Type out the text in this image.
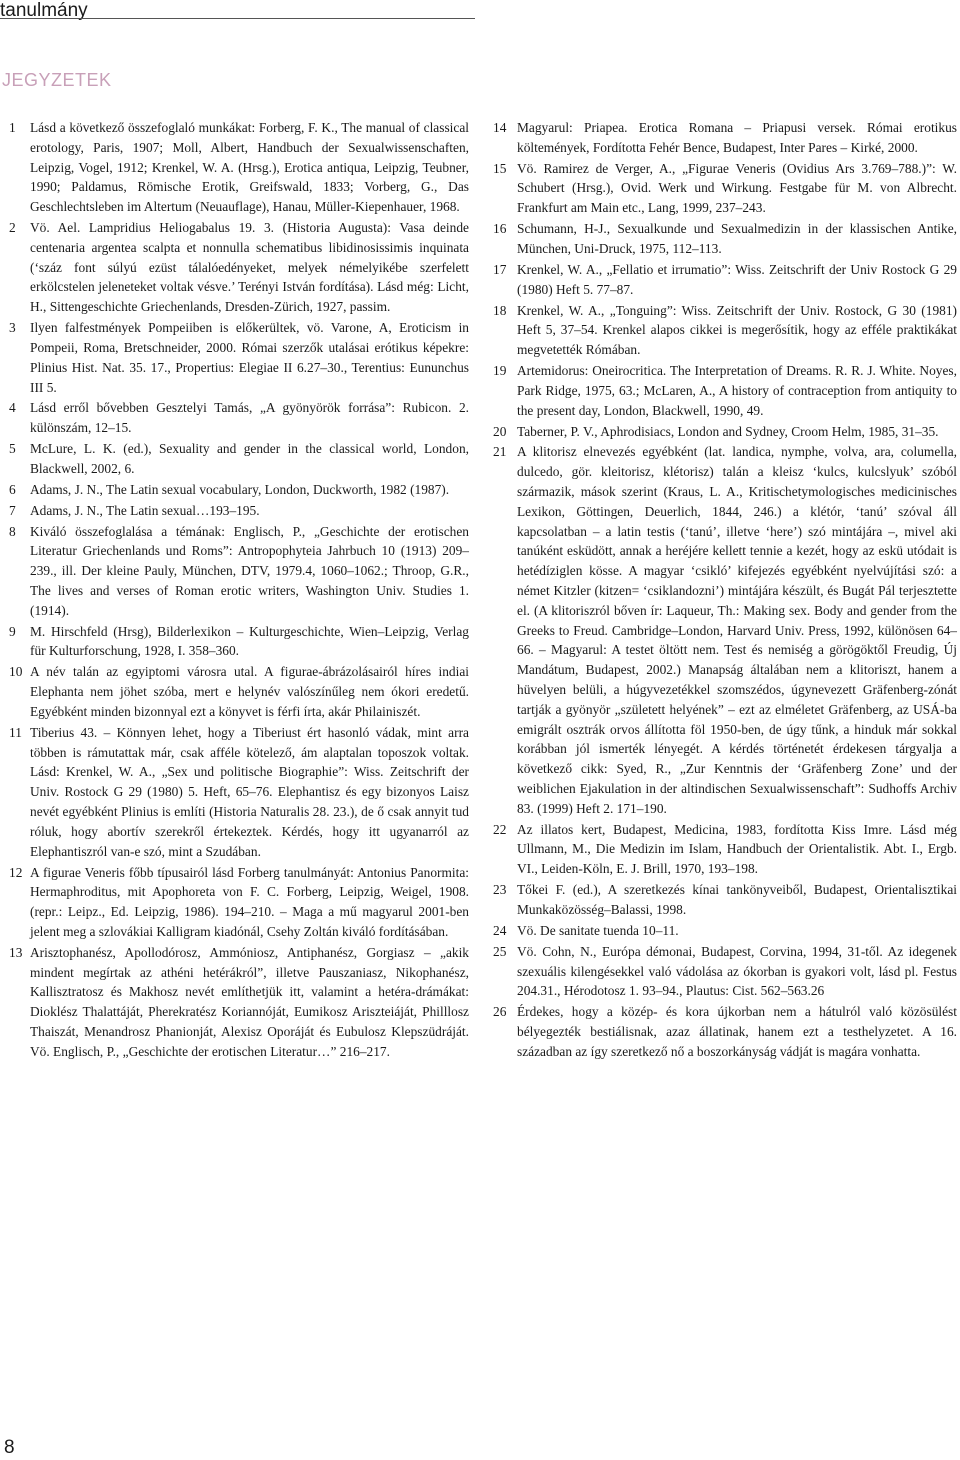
tanulmány
JEGYZETEK
1	Lásd a következő összefoglaló munkákat: Forberg, F. K., The manual of classical erotology, Paris, 1907; Moll, Albert, Handbuch der Sexualwissenschaften, Leipzig, Vogel, 1912; Krenkel, W. A. (Hrsg.), Erotica antiqua, Leipzig, Teubner, 1990; Paldamus, Römische Erotik, Greifswald, 1833; Vorberg, G., Das Geschlechtsleben im Altertum (Neuauflage), Hanau, Müller-Kiepenhauer, 1968.
2	Vö. Ael. Lampridius Heliogabalus 19. 3. (Historia Augusta): Vasa deinde centenaria argentea scalpta et nonnulla schematibus libidinosissimis inquinata (‘száz font súlyú ezüst tálalóedényeket, melyek némelyikébe szerfelett erkölcstelen jeleneteket voltak vésve.’ Terényi István fordítása). Lásd még: Licht, H., Sittengeschichte Griechenlands, Dresden-Zürich, 1927, passim.
3	Ilyen falfestmények Pompeiiben is előkerültek, vö. Varone, A, Eroticism in Pompeii, Roma, Bretschneider, 2000. Római szerzők utalásai erótikus képekre: Plinius Hist. Nat. 35. 17., Propertius: Elegiae II 6.27–30., Terentius: Eununchus III 5.
4	Lásd erről bővebben Gesztelyi Tamás, „A gyönyörök forrása”: Rubicon. 2. különszám, 12–15.
5	McLure, L. K. (ed.), Sexuality and gender in the classical world, London, Blackwell, 2002, 6.
6	Adams, J. N., The Latin sexual vocabulary, London, Duckworth, 1982 (1987).
7	Adams, J. N., The Latin sexual…193–195.
8	Kiváló összefoglalása a témának: Englisch, P., „Geschichte der erotischen Literatur Griechenlands und Roms”: Antropophyteia Jahrbuch 10 (1913) 209–239., ill. Der kleine Pauly, München, DTV, 1979.4, 1060–1062.; Throop, G.R., The lives and verses of Roman erotic writers, Washington Univ. Studies 1. (1914).
9	M. Hirschfeld (Hrsg), Bilderlexikon – Kulturgeschichte, Wien–Leipzig, Verlag für Kulturforschung, 1928, I. 358–360.
10 A név talán az egyiptomi városra utal. A figurae-ábrázolásairól híres indiai Elephanta nem jöhet szóba, mert e helynév valószínűleg nem ókori eredetű. Egyébként minden bizonnyal ezt a könyvet is férfi írta, akár Philainiszét.
11 Tiberius 43. – Könnyen lehet, hogy a Tiberiust ért hasonló vádak, mint arra többen is rámutattak már, csak afféle kötelező, ám alaptalan toposzok voltak. Lásd: Krenkel, W. A., „Sex und politische Biographie”: Wiss. Zeitschrift der Univ. Rostock G 29 (1980) 5. Heft, 65–76. Elephantisz és egy bizonyos Laisz nevét egyébként Plinius is említi (Historia Naturalis 28. 23.), de ő csak annyit tud róluk, hogy abortív szerekről értekeztek. Kérdés, hogy itt ugyanarról az Elephantiszról van-e szó, mint a Szudában.
12 A figurae Veneris főbb típusairól lásd Forberg tanulmányát: Antonius Panormita: Hermaphroditus, mit Apophoreta von F. C. Forberg, Leipzig, Weigel, 1908. (repr.: Leipz., Ed. Leipzig, 1986). 194–210. – Maga a mű magyarul 2001-ben jelent meg a szlovákiai Kalligram kiadónál, Csehy Zoltán kiváló fordításában.
13 Arisztophanész, Apollodórosz, Ammóniosz, Antiphanész, Gorgiasz – „akik mindent megírtak az athéni hetérákról”, illetve Pauszaniasz, Nikophanész, Kallisztratosz és Makhosz nevét említhetjük itt, valamint a hetéra-drámákat: Dioklész Thalattáját, Pherekratész Koriannóját, Eumikosz Ariszteiáját, Philllosz Thaiszát, Menandrosz Phanionját, Alexisz Oporáját és Eubulosz Klepszüdráját. Vö. Englisch, P., „Geschichte der erotischen Literatur…” 216–217.
14 Magyarul: Priapea. Erotica Romana – Priapusi versek. Római erotikus költemények, Fordította Fehér Bence, Budapest, Inter Pares – Kirké, 2000.
15 Vö. Ramirez de Verger, A., „Figurae Veneris (Ovidius Ars 3.769–788.)”: W. Schubert (Hrsg.), Ovid. Werk und Wirkung. Festgabe für M. von Albrecht. Frankfurt am Main etc., Lang, 1999, 237–243.
16 Schumann, H-J., Sexualkunde und Sexualmedizin in der klassischen Antike, München, Uni-Druck, 1975, 112–113.
17 Krenkel, W. A., „Fellatio et irrumatio”: Wiss. Zeitschrift der Univ Rostock G 29 (1980) Heft 5. 77–87.
18 Krenkel, W. A., „Tonguing”: Wiss. Zeitschrift der Univ. Rostock, G 30 (1981) Heft 5, 37–54. Krenkel alapos cikkei is megerősítik, hogy az efféle praktikákat megvetették Rómában.
19 Artemidorus: Oneirocritica. The Interpretation of Dreams. R. R. J. White. Noyes, Park Ridge, 1975, 63.; McLaren, A., A history of contraception from antiquity to the present day, London, Blackwell, 1990, 49.
20 Taberner, P. V., Aphrodisiacs, London and Sydney, Croom Helm, 1985, 31–35.
21 A klitorisz elnevezés egyébként (lat. landica, nymphe, volva, ara, columella, dulcedo, gör. kleitorisz, klétorisz) talán a kleisz ‘kulcs, kulcslyuk’ szóból származik, mások szerint (Kraus, L. A., Kritischetymologisches medicinisches Lexikon, Göttingen, Deuerlich, 1844, 246.) a klétór, ‘tanú’ szóval áll kapcsolatban – a latin testis (‘tanú’, illetve ‘here’) szó mintájára –, mivel aki tanúként esküdött, annak a heréjére kellett tennie a kezét, hogy az eskü utódait is hetédíziglen kösse. A magyar ‘csikló’ kifejezés egyébként nyelvújítási szó: a német Kitzler (kitzen= ‘csiklandozni’) mintájára készült, és Bugát Pál terjesztette el. (A klitoriszról bőven ír: Laqueur, Th.: Making sex. Body and gender from the Greeks to Freud. Cambridge–London, Harvard Univ. Press, 1992, különösen 64–66. – Magyarul: A testet öltött nem. Test és nemiség a görögöktől Freudig, Új Mandátum, Budapest, 2002.) Manapság általában nem a klitoriszt, hanem a hüvelyen belüli, a húgyvezetékkel szomszédos, úgynevezett Gräfenberg-zónát tartják a gyönyör „született helyének” – ezt az elméletet Gräfenberg, az USÁ-ba emigrált osztrák orvos állította föl 1950-ben, de úgy tűnk, a hinduk már sokkal korábban jól ismerték lényegét. A kérdés történetét érdekesen tárgyalja a következő cikk: Syed, R., „Zur Kenntnis der ‘Gräfenberg Zone’ und der weiblichen Ejakulation in der altindischen Sexualwissenschaft”: Sudhoffs Archiv 83. (1999) Heft 2. 171–190.
22 Az illatos kert, Budapest, Medicina, 1983, fordította Kiss Imre. Lásd még Ullmann, M., Die Medizin im Islam, Handbuch der Orientalistik. Abt. I., Ergb. VI., Leiden-Köln, E. J. Brill, 1970, 193–198.
23 Tőkei F. (ed.), A szeretkezés kínai tankönyveiből, Budapest, Orientalisztikai Munkaközösség–Balassi, 1998.
24 Vö. De sanitate tuenda 10–11.
25 Vö. Cohn, N., Európa démonai, Budapest, Corvina, 1994, 31-től. Az idegenek szexuális kilengésekkel való vádolása az ókorban is gyakori volt, lásd pl. Festus 204.31., Hérodotosz 1. 93–94., Plautus: Cist. 562–563.26
26 Érdekes, hogy a közép- és kora újkorban nem a hátulról való közösülést bélyegezték bestiálisnak, azaz állatinak, hanem ezt a testhelyzetet. A 16. században az így szeretkező nő a boszorkányság vádját is magára vonhatta.
8
